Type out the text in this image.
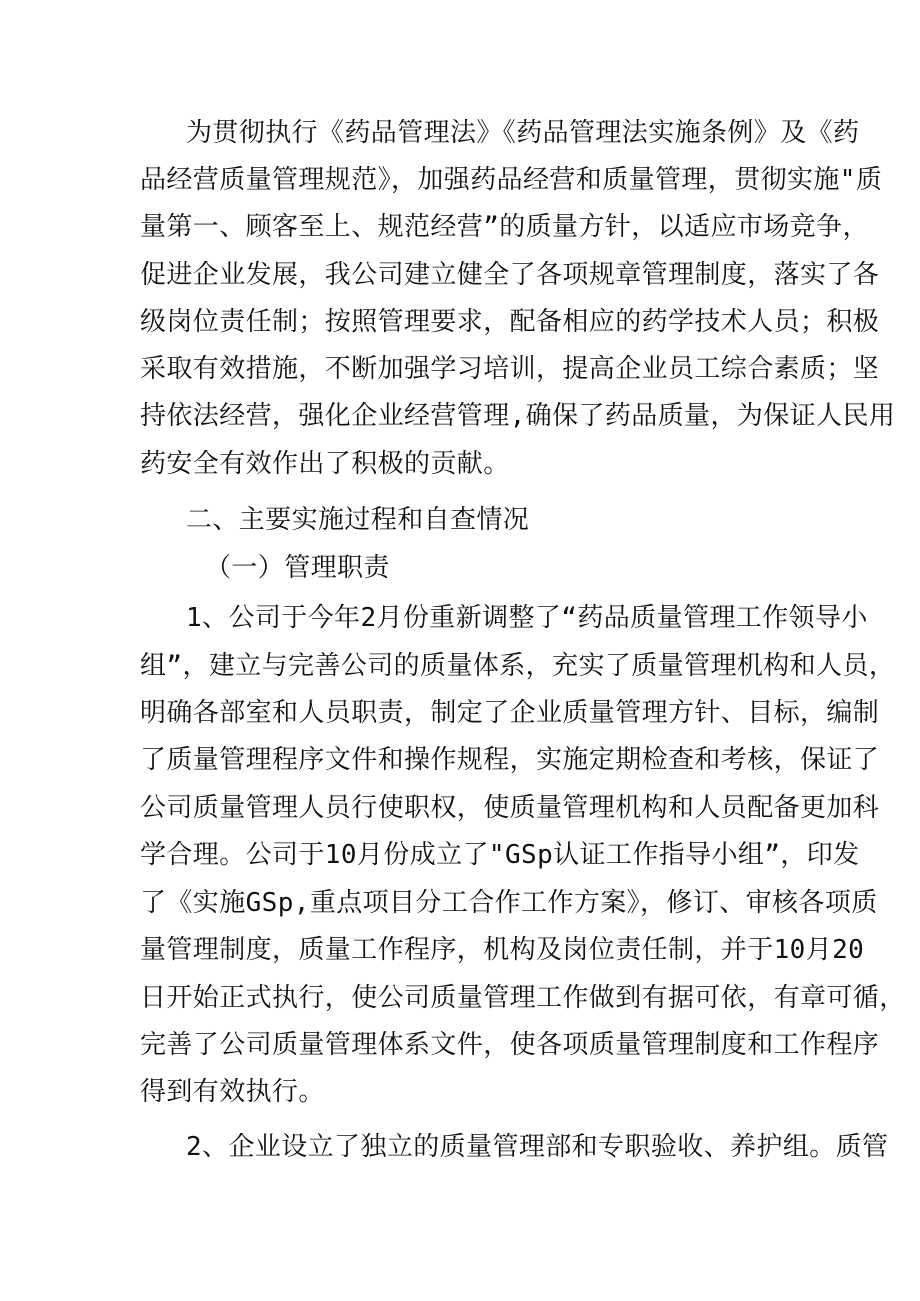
为贯彻执行《药品管理法》《药品管理法实施条例》及《药

品经营质量管理规范》，加强药品经营和质量管理，贯彻实施"质

量第一、顾客至上、规范经营”的质量方针，以适应市场竞争，

促进企业发展，我公司建立健全了各项规章管理制度，落实了各

级岗位责任制；按照管理要求，配备相应的药学技术人员；积极

采取有效措施，不断加强学习培训，提高企业员工综合素质；坚

持依法经营，强化企业经营管理,确保了药品质量，为保证人民用

药安全有效作出了积极的贡献。

二、主要实施过程和自查情况

（一）管理职责

1、公司于今年2月份重新调整了“药品质量管理工作领导小

组”，建立与完善公司的质量体系，充实了质量管理机构和人员，

明确各部室和人员职责，制定了企业质量管理方针、目标，编制

了质量管理程序文件和操作规程，实施定期检查和考核，保证了

公司质量管理人员行使职权，使质量管理机构和人员配备更加科

学合理。公司于10月份成立了"GSp认证工作指导小组”，印发

了《实施GSp,重点项目分工合作工作方案》，修订、审核各项质

量管理制度，质量工作程序，机构及岗位责任制，并于10月20

日开始正式执行，使公司质量管理工作做到有据可依，有章可循，

完善了公司质量管理体系文件，使各项质量管理制度和工作程序

得到有效执行。

2、企业设立了独立的质量管理部和专职验收、养护组。质管
